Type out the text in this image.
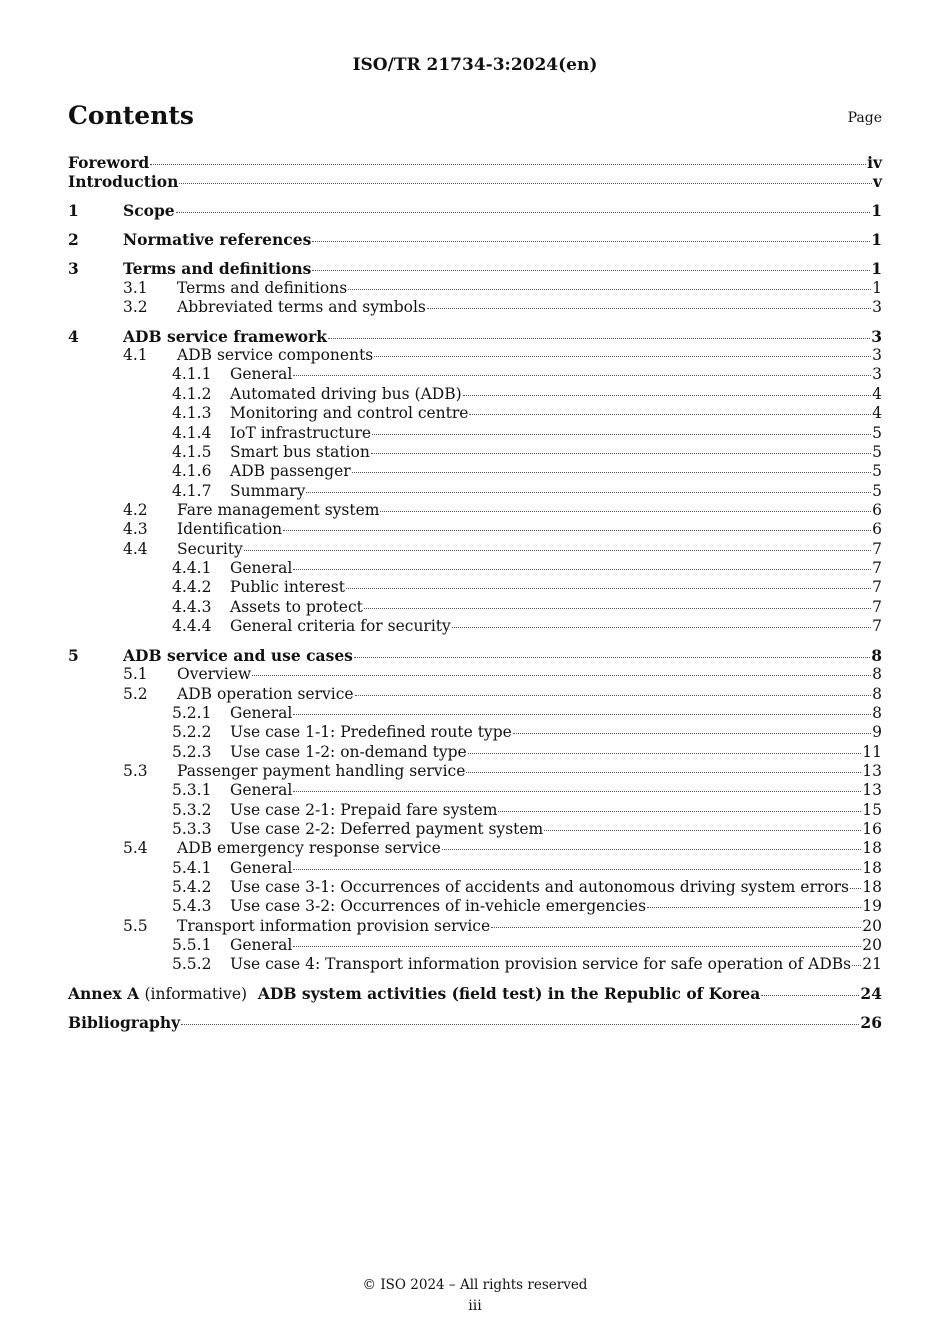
ISO/TR 21734-3:2024(en)
Contents	Page
Foreword	iv
Introduction	v
1	Scope	1
2	Normative references	1
3	Terms and definitions	1
3.1	Terms and definitions	1
3.2	Abbreviated terms and symbols	3
4	ADB service framework	3
4.1	ADB service components	3
4.1.1	General	3
4.1.2	Automated driving bus (ADB)	4
4.1.3	Monitoring and control centre	4
4.1.4	IoT infrastructure	5
4.1.5	Smart bus station	5
4.1.6	ADB passenger	5
4.1.7	Summary	5
4.2	Fare management system	6
4.3	Identification	6
4.4	Security	7
4.4.1	General	7
4.4.2	Public interest	7
4.4.3	Assets to protect	7
4.4.4	General criteria for security	7
5	ADB service and use cases	8
5.1	Overview	8
5.2	ADB operation service	8
5.2.1	General	8
5.2.2	Use case 1-1: Predefined route type	9
5.2.3	Use case 1-2: on-demand type	11
5.3	Passenger payment handling service	13
5.3.1	General	13
5.3.2	Use case 2-1: Prepaid fare system	15
5.3.3	Use case 2-2: Deferred payment system	16
5.4	ADB emergency response service	18
5.4.1	General	18
5.4.2	Use case 3-1: Occurrences of accidents and autonomous driving system errors 18
5.4.3	Use case 3-2: Occurrences of in-vehicle emergencies	19
5.5	Transport information provision service	20
5.5.1	General	20
5.5.2	Use case 4: Transport information provision service for safe operation of ADBs 21
Annex A (informative) ADB system activities (field test) in the Republic of Korea	24
Bibliography	26
© ISO 2024 – All rights reserved
iii
